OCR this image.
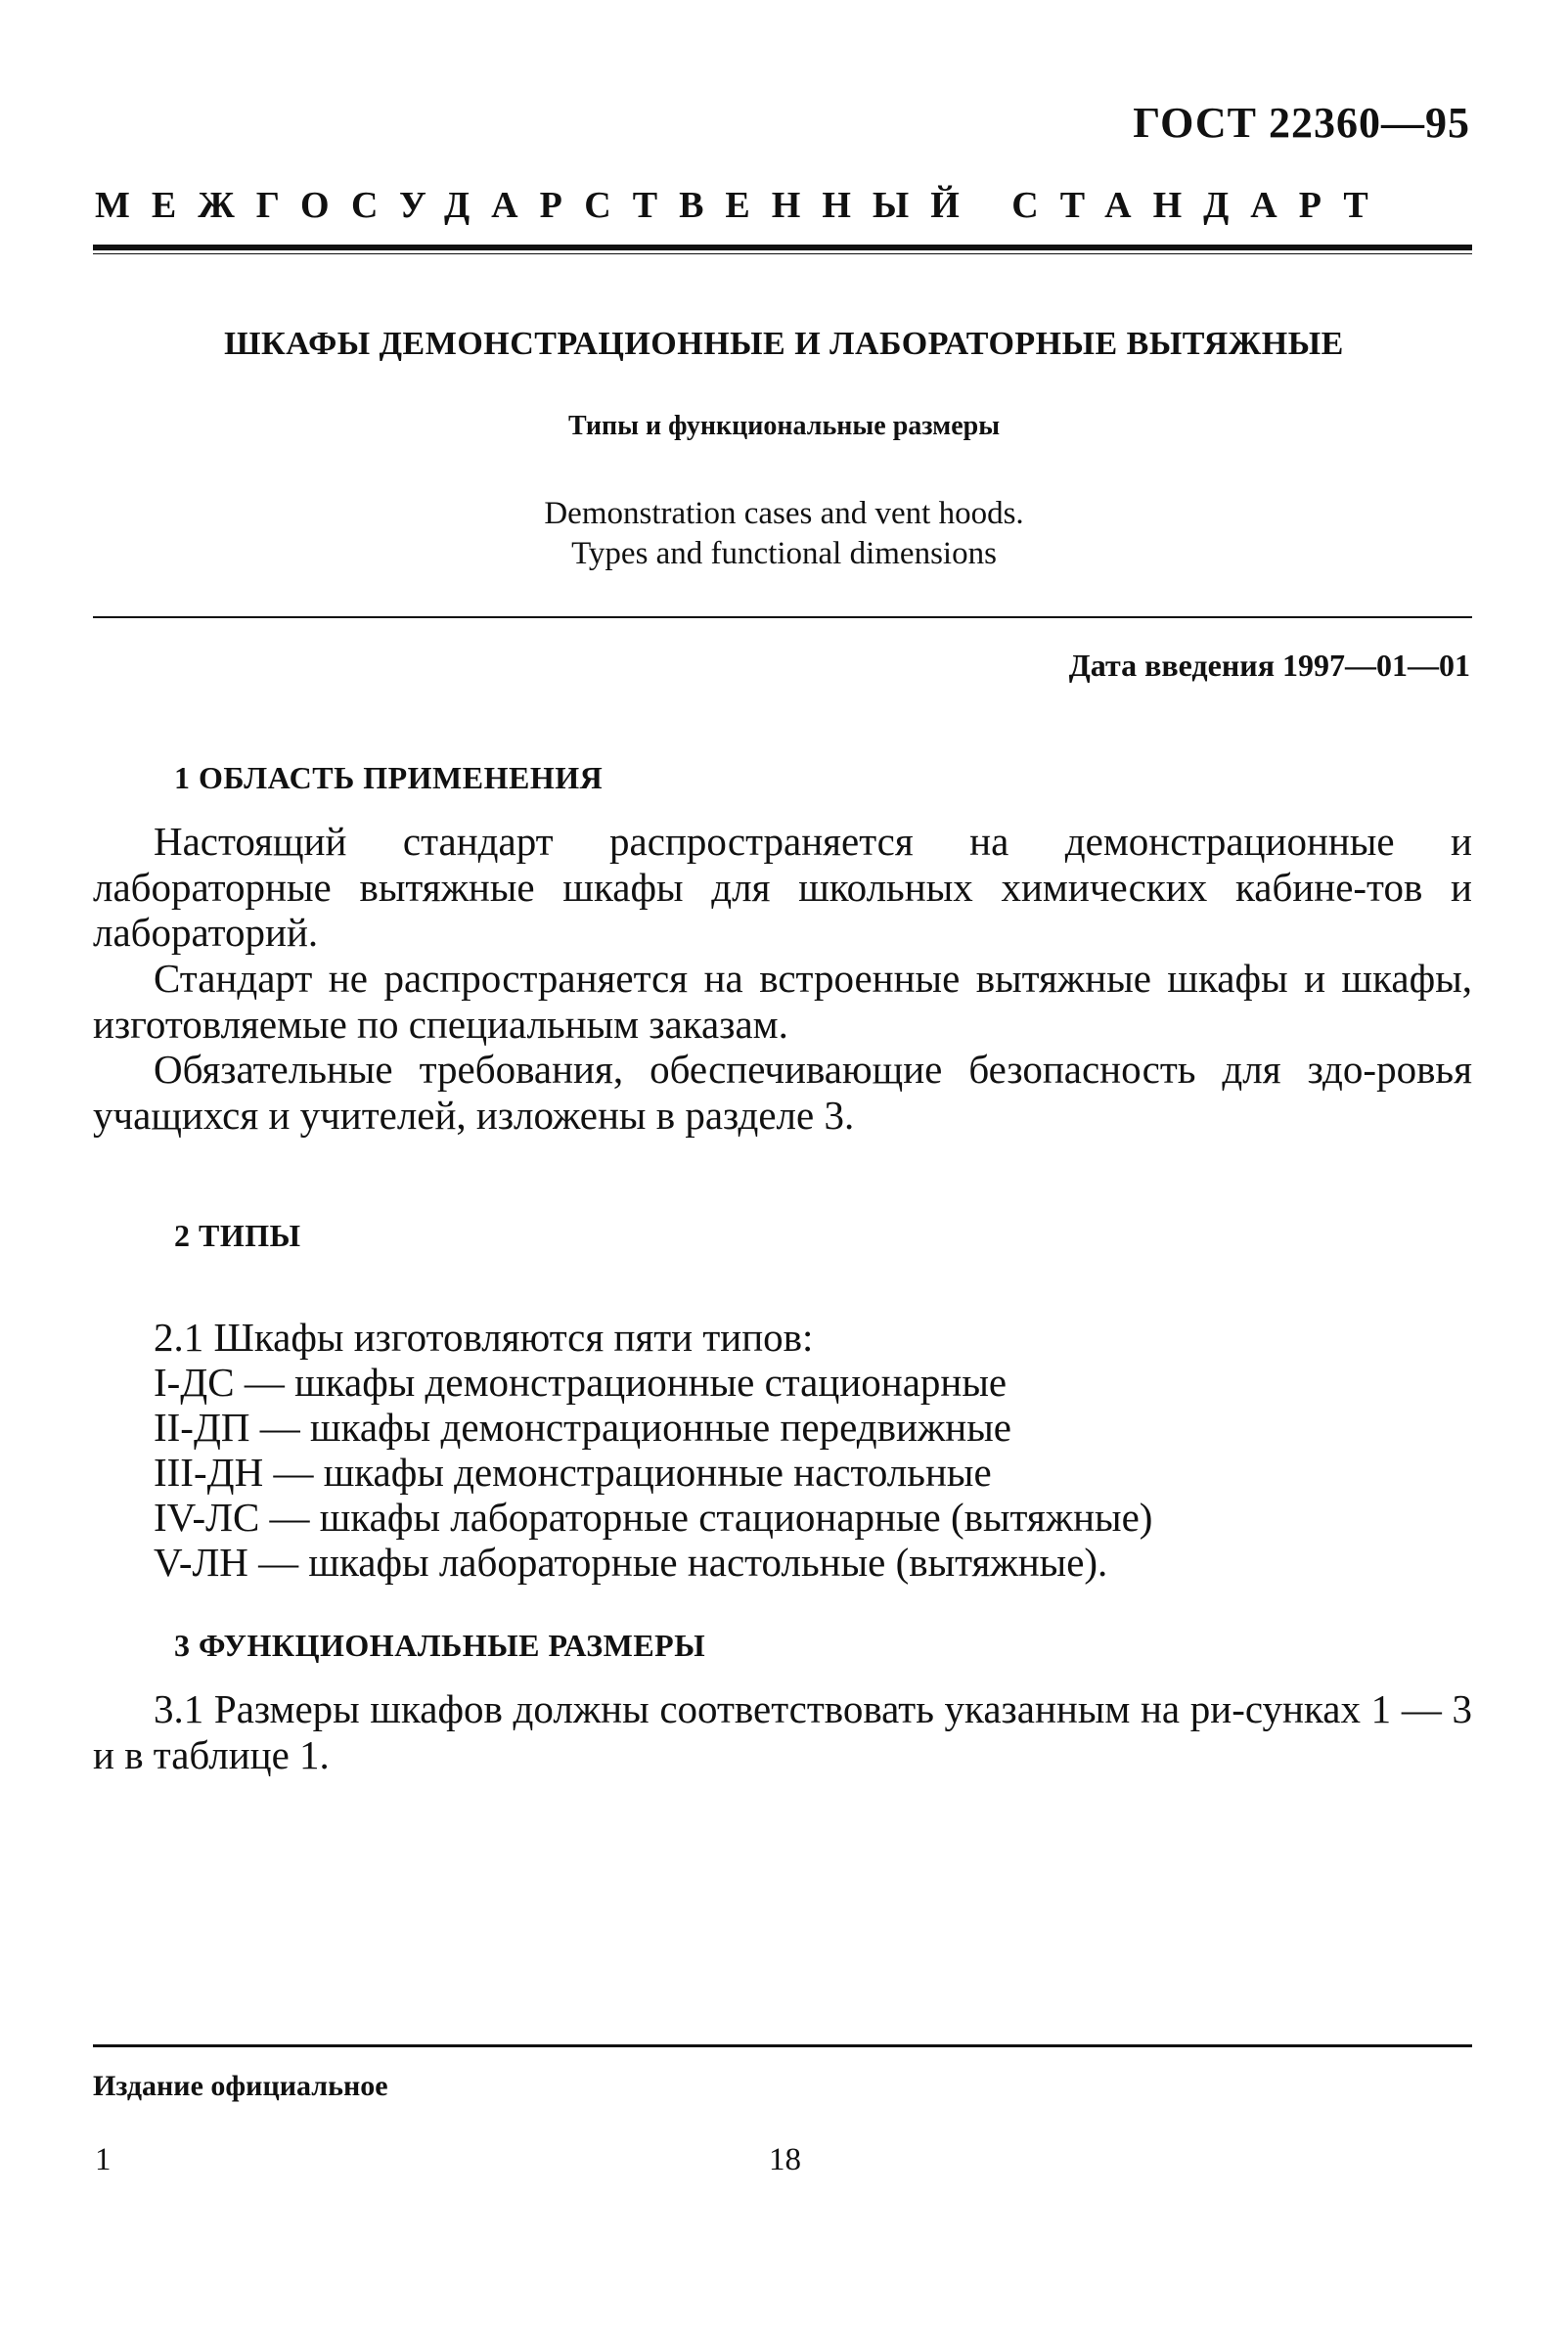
ГОСТ 22360—95
МЕЖГОСУДАРСТВЕННЫЙ СТАНДАРТ
ШКАФЫ ДЕМОНСТРАЦИОННЫЕ И ЛАБОРАТОРНЫЕ ВЫТЯЖНЫЕ
Типы и функциональные размеры
Demonstration cases and vent hoods.
Types and functional dimensions
Дата введения 1997—01—01
1 ОБЛАСТЬ ПРИМЕНЕНИЯ
Настоящий стандарт распространяется на демонстрационные и лабораторные вытяжные шкафы для школьных химических кабине-тов и лабораторий.
Стандарт не распространяется на встроенные вытяжные шкафы и шкафы, изготовляемые по специальным заказам.
Обязательные требования, обеспечивающие безопасность для здо-ровья учащихся и учителей, изложены в разделе 3.
2 ТИПЫ
2.1 Шкафы изготовляются пяти типов:
I-ДС — шкафы демонстрационные стационарные
II-ДП — шкафы демонстрационные передвижные
III-ДН — шкафы демонстрационные настольные
IV-ЛС — шкафы лабораторные стационарные (вытяжные)
V-ЛН — шкафы лабораторные настольные (вытяжные).
3 ФУНКЦИОНАЛЬНЫЕ РАЗМЕРЫ
3.1 Размеры шкафов должны соответствовать указанным на ри-сунках 1 — 3 и в таблице 1.
Издание официальное
1	18
